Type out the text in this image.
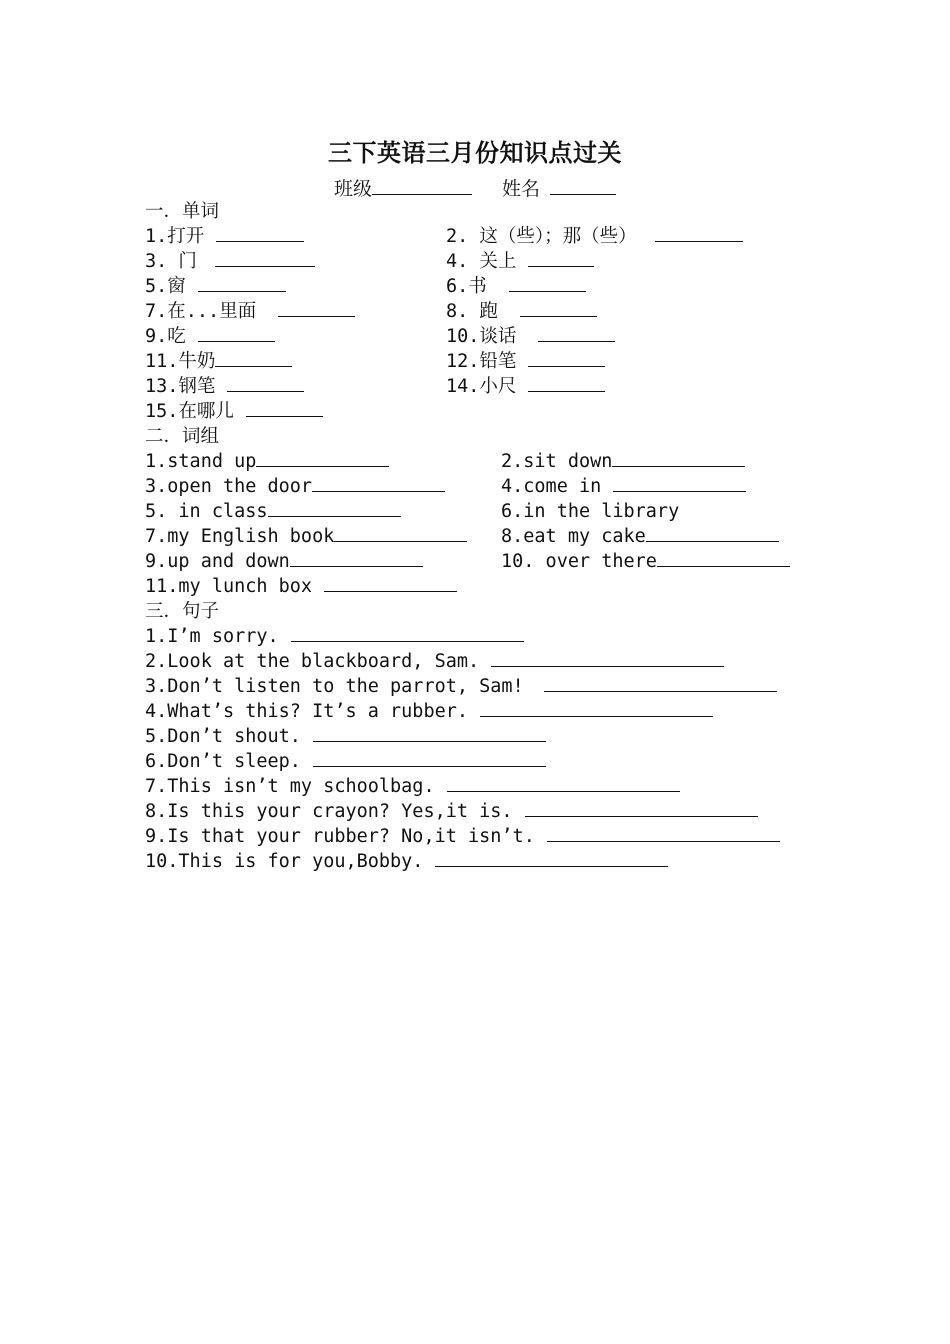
三下英语三月份知识点过关
班级	姓名
一．单词
1.打开	2. 这（些）；那（些）
3. 门	4. 关上
5.窗	6.书
7.在...里面	8. 跑
9.吃	10.谈话
11.牛奶	12.铅笔
13.钢笔	14.小尺
15.在哪儿
二．词组
1.stand up	2.sit down
3.open the door	4.come in
5. in class	6.in the library
7.my English book	8.eat my cake
9.up and down	10. over there
11.my lunch box
三．句子
1.I’m sorry.
2.Look at the blackboard, Sam.
3.Don’t listen to the parrot, Sam!
4.What’s this? It’s a rubber.
5.Don’t shout.
6.Don’t sleep.
7.This isn’t my schoolbag.
8.Is this your crayon? Yes,it is.
9.Is that your rubber? No,it isn’t.
10.This is for you,Bobby.
